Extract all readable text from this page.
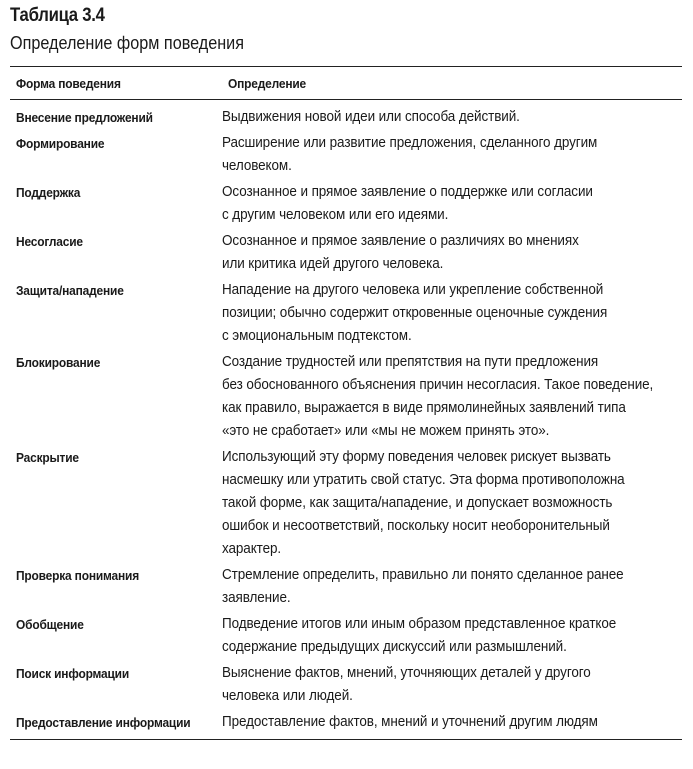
Таблица 3.4
Определение форм поведения
Форма поведения	Определение
Внесение предложений	Выдвижения новой идеи или способа действий.

Формирование	Расширение или развитие предложения, сделанного другим
человеком.

Поддержка	Осознанное и прямое заявление о поддержке или согласии
с другим человеком или его идеями.

Несогласие	Осознанное и прямое заявление о различиях во мнениях
или критика идей другого человека.

Защита/нападение	Нападение на другого человека или укрепление собственной
позиции; обычно содержит откровенные оценочные суждения
с эмоциональным подтекстом.

Блокирование	Создание трудностей или препятствия на пути предложения
без обоснованного объяснения причин несогласия. Такое поведение,
как правило, выражается в виде прямолинейных заявлений типа
«это не сработает» или «мы не можем принять это».

Раскрытие	Использующий эту форму поведения человек рискует вызвать
насмешку или утратить свой статус. Эта форма противоположна
такой форме, как защита/нападение, и допускает возможность
ошибок и несоответствий, поскольку носит необоронительный
характер.

Проверка понимания	Стремление определить, правильно ли понято сделанное ранее
заявление.

Обобщение	Подведение итогов или иным образом представленное краткое
содержание предыдущих дискуссий или размышлений.

Поиск информации	Выяснение фактов, мнений, уточняющих деталей у другого
человека или людей.

Предоставление информации	Предоставление фактов, мнений и уточнений другим людям
